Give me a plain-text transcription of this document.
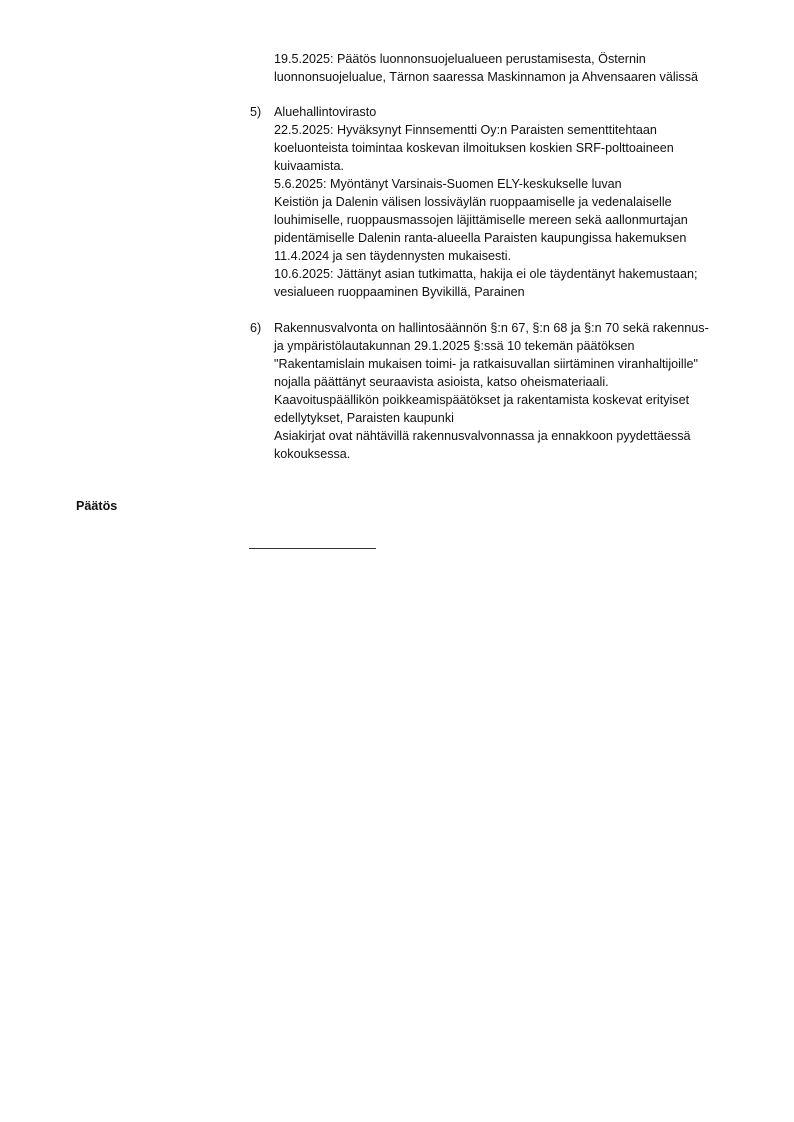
19.5.2025: Päätös luonnonsuojelualueen perustamisesta, Östernin
luonnonsuojelualue, Tärnon saaressa Maskinnamon ja Ahvensaaren välissä
5) Aluehallintovirasto
22.5.2025: Hyväksynyt Finnsementti Oy:n Paraisten sementtitehtaan
koeluonteista toimintaa koskevan ilmoituksen koskien SRF-polttoaineen
kuivaamista.
5.6.2025: Myöntänyt Varsinais-Suomen ELY-keskukselle luvan
Keistiön ja Dalenin välisen lossiväylän ruoppaamiselle ja vedenalaiselle
louhimiselle, ruoppausmassojen läjittämiselle mereen sekä aallonmurtajan
pidentämiselle Dalenin ranta-alueella Paraisten kaupungissa hakemuksen
11.4.2024 ja sen täydennysten mukaisesti.
10.6.2025: Jättänyt asian tutkimatta, hakija ei ole täydentänyt hakemustaan;
vesialueen ruoppaaminen Byvikillä, Parainen
6) Rakennusvalvonta on hallintosäännön §:n 67, §:n 68 ja §:n 70 sekä rakennus-
ja ympäristölautakunnan 29.1.2025 §:ssä 10 tekemän päätöksen
"Rakentamislain mukaisen toimi- ja ratkaisuvallan siirtäminen viranhaltijoille"
nojalla päättänyt seuraavista asioista, katso oheismateriaali.
Kaavoituspäällikön poikkeamispäätökset ja rakentamista koskevat erityiset
edellytykset, Paraisten kaupunki
Asiakirjat ovat nähtävillä rakennusvalvonnassa ja ennakkoon pyydettäessä
kokouksessa.
Päätös
